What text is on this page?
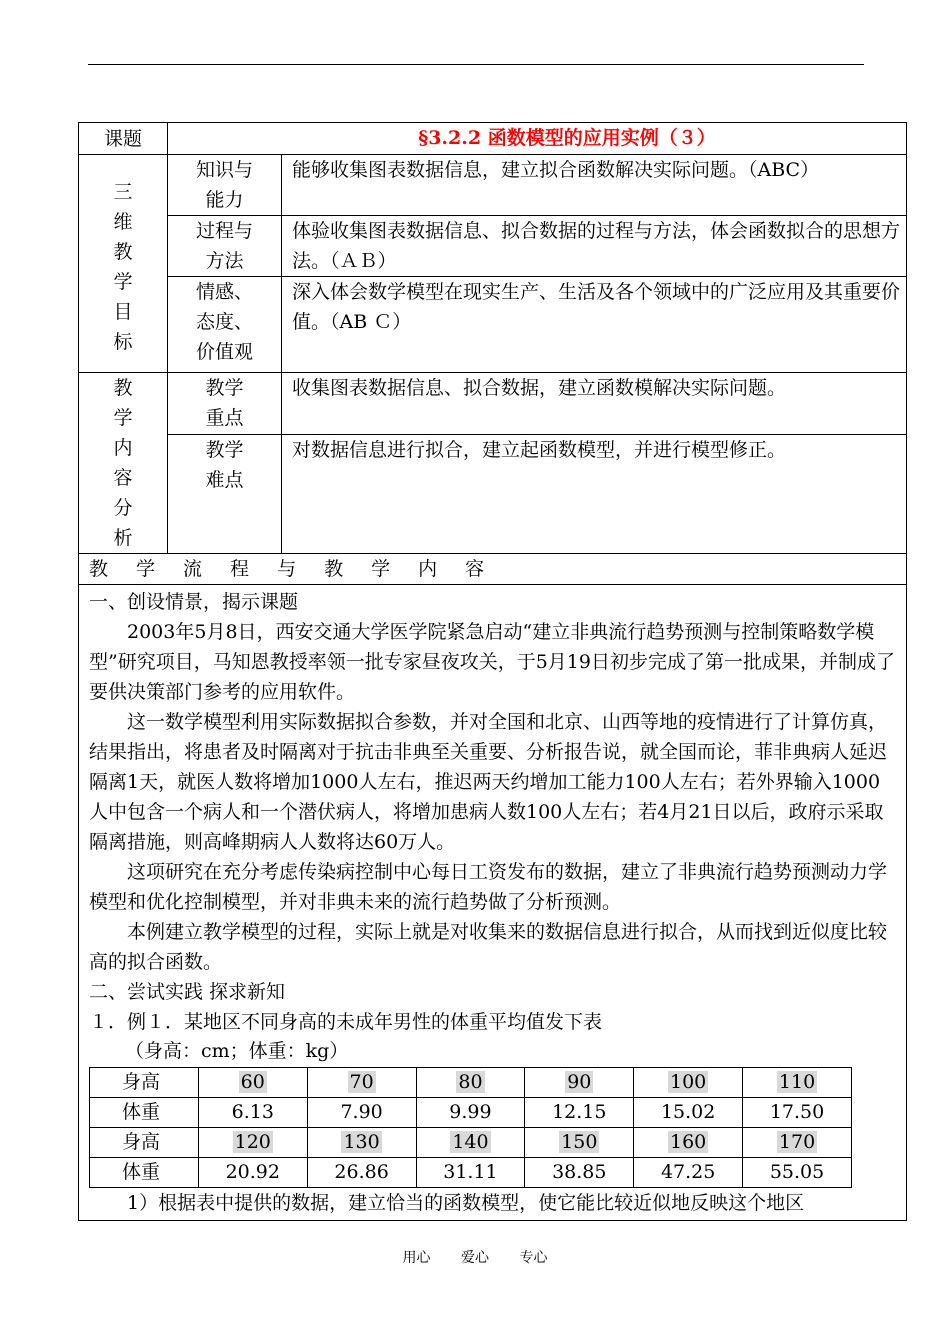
课题	§3.2.2 函数模型的应用实例（３）

三
维
教
学
目
标
	知识与
能力	能够收集图表数据信息，建立拟合函数解决实际问题。（ABC）
过程与
方法	体验收集图表数据信息、拟合数据的过程与方法，体会函数拟合的思想方法。（ＡＢ）
情感、
态度、
价值观	深入体会数学模型在现实生产、生活及各个领域中的广泛应用及其重要价值。（AB Ｃ）

教
学
内
容
分
析
	教学
重点	收集图表数据信息、拟合数据，建立函数模解决实际问题。
教学
难点	对数据信息进行拟合，建立起函数模型，并进行模型修正。
教 学 流 程 与 教 学 内 容

一、创设情景，揭示课题

2003年5月8日，西安交通大学医学院紧急启动“建立非典流行趋势预测与控制策略数学模型”研究项目，马知恩教授率领一批专家昼夜攻关，于5月19日初步完成了第一批成果，并制成了要供决策部门参考的应用软件。

这一数学模型利用实际数据拟合参数，并对全国和北京、山西等地的疫情进行了计算仿真，结果指出，将患者及时隔离对于抗击非典至关重要、分析报告说，就全国而论，菲非典病人延迟隔离1天，就医人数将增加1000人左右，推迟两天约增加工能力100人左右；若外界输入1000人中包含一个病人和一个潜伏病人，将增加患病人数100人左右；若4月21日以后，政府示采取隔离措施，则高峰期病人人数将达60万人。

这项研究在充分考虑传染病控制中心每日工资发布的数据，建立了非典流行趋势预测动力学模型和优化控制模型，并对非典未来的流行趋势做了分析预测。

本例建立教学模型的过程，实际上就是对收集来的数据信息进行拟合，从而找到近似度比较高的拟合函数。

二、尝试实践 探求新知

１．例１．某地区不同身高的未成年男性的体重平均值发下表

（身高：cm；体重：kg）

身高	60	70	80	90	100	110
体重	6.13	7.90	9.99	12.15	15.02	17.50
身高	120	130	140	150	160	170
体重	20.92	26.86	31.11	38.85	47.25	55.05

1）根据表中提供的数据，建立恰当的函数模型，使它能比较近似地反映这个地区

用心 爱心 专心
